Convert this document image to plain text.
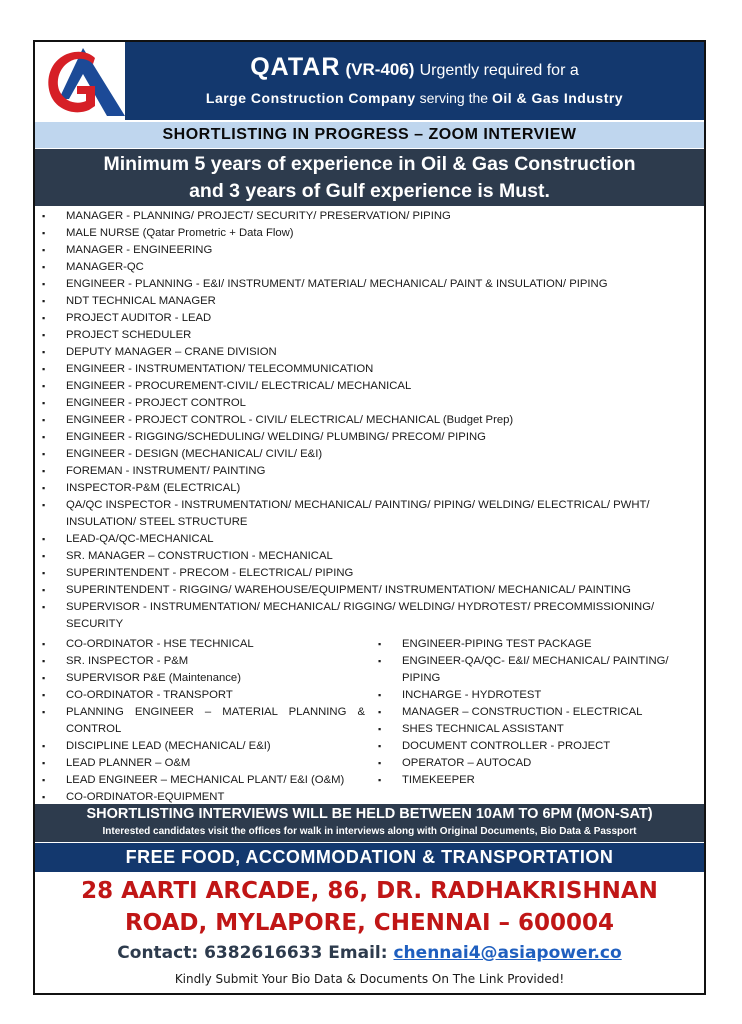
GA
QATAR (VR-406) Urgently required for a
Large Construction Company serving the Oil & Gas Industry
SHORTLISTING IN PROGRESS – ZOOM INTERVIEW
Minimum 5 years of experience in Oil & Gas Construction
and 3 years of Gulf experience is Must.
▪	MANAGER - PLANNING/ PROJECT/ SECURITY/ PRESERVATION/ PIPING
▪	MALE NURSE (Qatar Prometric + Data Flow)
▪	MANAGER - ENGINEERING
▪	MANAGER-QC
▪	ENGINEER - PLANNING - E&I/ INSTRUMENT/ MATERIAL/ MECHANICAL/ PAINT & INSULATION/ PIPING
▪	NDT TECHNICAL MANAGER
▪	PROJECT AUDITOR - LEAD
▪	PROJECT SCHEDULER
▪	DEPUTY MANAGER – CRANE DIVISION
▪	ENGINEER - INSTRUMENTATION/ TELECOMMUNICATION
▪	ENGINEER - PROCUREMENT-CIVIL/ ELECTRICAL/ MECHANICAL
▪	ENGINEER - PROJECT CONTROL
▪	ENGINEER - PROJECT CONTROL - CIVIL/ ELECTRICAL/ MECHANICAL (Budget Prep)
▪	ENGINEER - RIGGING/SCHEDULING/ WELDING/ PLUMBING/ PRECOM/ PIPING
▪	ENGINEER - DESIGN (MECHANICAL/ CIVIL/ E&I)
▪	FOREMAN - INSTRUMENT/ PAINTING
▪	INSPECTOR-P&M (ELECTRICAL)
▪	QA/QC INSPECTOR - INSTRUMENTATION/ MECHANICAL/ PAINTING/ PIPING/ WELDING/ ELECTRICAL/ PWHT/ INSULATION/ STEEL STRUCTURE
▪	LEAD-QA/QC-MECHANICAL
▪	SR. MANAGER – CONSTRUCTION - MECHANICAL
▪	SUPERINTENDENT - PRECOM - ELECTRICAL/ PIPING
▪	SUPERINTENDENT - RIGGING/ WAREHOUSE/EQUIPMENT/ INSTRUMENTATION/ MECHANICAL/ PAINTING
▪	SUPERVISOR - INSTRUMENTATION/ MECHANICAL/ RIGGING/ WELDING/ HYDROTEST/ PRECOMMISSIONING/ SECURITY
▪	CO-ORDINATOR - HSE TECHNICAL
▪	SR. INSPECTOR - P&M
▪	SUPERVISOR P&E (Maintenance)
▪	CO-ORDINATOR - TRANSPORT
▪	PLANNING ENGINEER – MATERIAL PLANNING & CONTROL
▪	DISCIPLINE LEAD (MECHANICAL/ E&I)
▪	LEAD PLANNER – O&M
▪	LEAD ENGINEER – MECHANICAL PLANT/ E&I (O&M)
▪	CO-ORDINATOR-EQUIPMENT
▪	ENGINEER-PIPING TEST PACKAGE
▪	ENGINEER-QA/QC- E&I/ MECHANICAL/ PAINTING/ PIPING
▪	INCHARGE - HYDROTEST
▪	MANAGER – CONSTRUCTION - ELECTRICAL
▪	SHES TECHNICAL ASSISTANT
▪	DOCUMENT CONTROLLER - PROJECT
▪	OPERATOR – AUTOCAD
▪	TIMEKEEPER
SHORTLISTING INTERVIEWS WILL BE HELD BETWEEN 10AM TO 6PM (MON-SAT)
Interested candidates visit the offices for walk in interviews along with Original Documents, Bio Data & Passport
FREE FOOD, ACCOMMODATION & TRANSPORTATION
28 AARTI ARCADE, 86, DR. RADHAKRISHNAN
ROAD, MYLAPORE, CHENNAI – 600004
Contact: 6382616633 Email: chennai4@asiapower.co
Kindly Submit Your Bio Data & Documents On The Link Provided!
